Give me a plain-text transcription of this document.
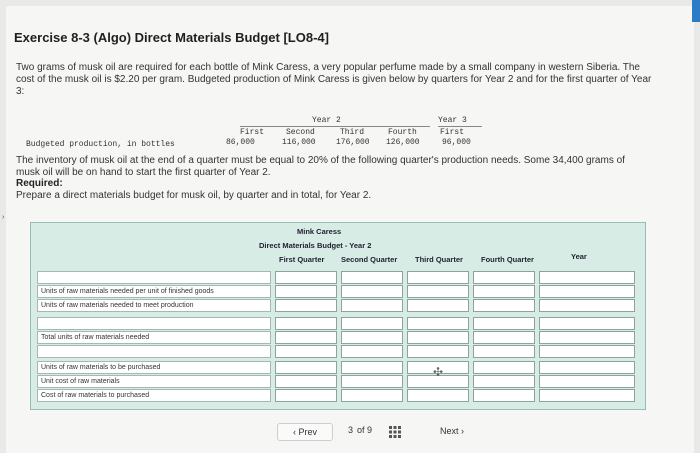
›
Exercise 8-3 (Algo) Direct Materials Budget [LO8-4]
Two grams of musk oil are required for each bottle of Mink Caress, a very popular perfume made by a small company in western Siberia. The cost of the musk oil is $2.20 per gram. Budgeted production of Mink Caress is given below by quarters for Year 2 and for the first quarter of Year 3:
Year 2	Year 3
First	Second	Third	Fourth	First
Budgeted production, in bottles	86,000	116,000	176,000 126,000	96,000
The inventory of musk oil at the end of a quarter must be equal to 20% of the following quarter's production needs. Some 34,400 grams of musk oil will be on hand to start the first quarter of Year 2.
Required:
Prepare a direct materials budget for musk oil, by quarter and in total, for Year 2.
Mink Caress
Direct Materials Budget - Year 2
First Quarter Second Quarter Third Quarter Fourth Quarter	Year
Units of raw materials needed per unit of finished goods
Units of raw materials needed to meet production
Total units of raw materials needed
Units of raw materials to be purchased
Unit cost of raw materials
Cost of raw materials to purchased
✣
‹ Prev	3 of 9	Next ›
